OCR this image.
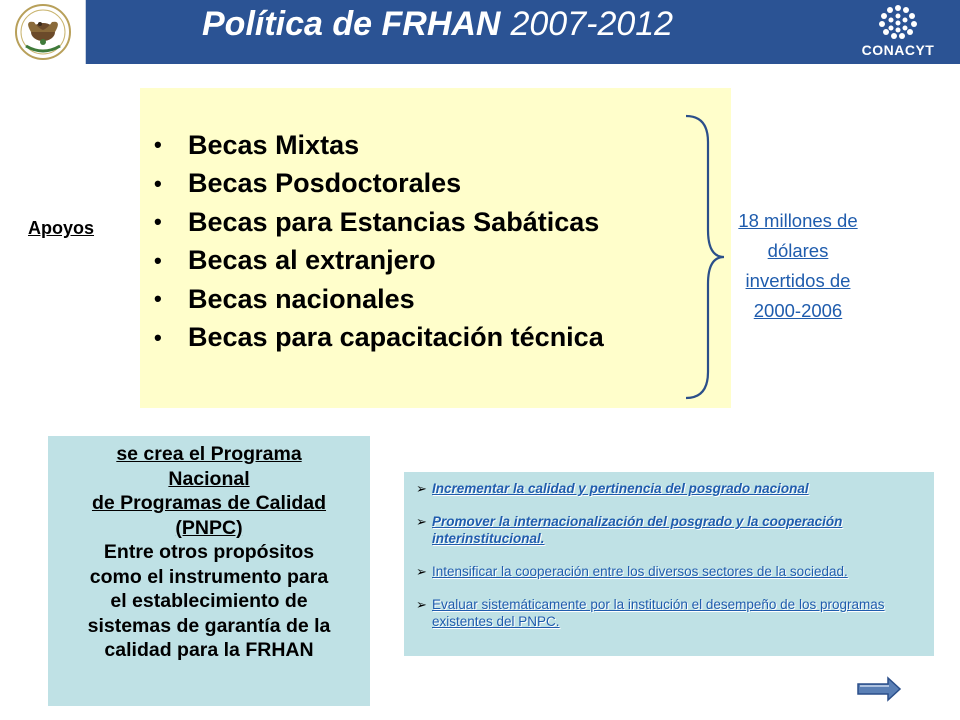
Política de FRHAN 2007-2012
CONACYT
Apoyos
• Becas Mixtas
• Becas Posdoctorales
• Becas para Estancias Sabáticas
• Becas al extranjero
• Becas nacionales
• Becas para capacitación técnica
18 millones de
dólares
invertidos de
2000-2006
se crea el Programa
Nacional
de Programas de Calidad
(PNPC)
Entre otros propósitos
como el instrumento para
el establecimiento de
sistemas de garantía de la
calidad para la FRHAN
➢ Incrementar la calidad y pertinencia del posgrado nacional
➢ Promover la internacionalización del posgrado y la cooperación interinstitucional.
➢ Intensificar la cooperación entre los diversos sectores de la sociedad.
➢ Evaluar sistemáticamente por la institución el desempeño de los programas existentes del PNPC.
